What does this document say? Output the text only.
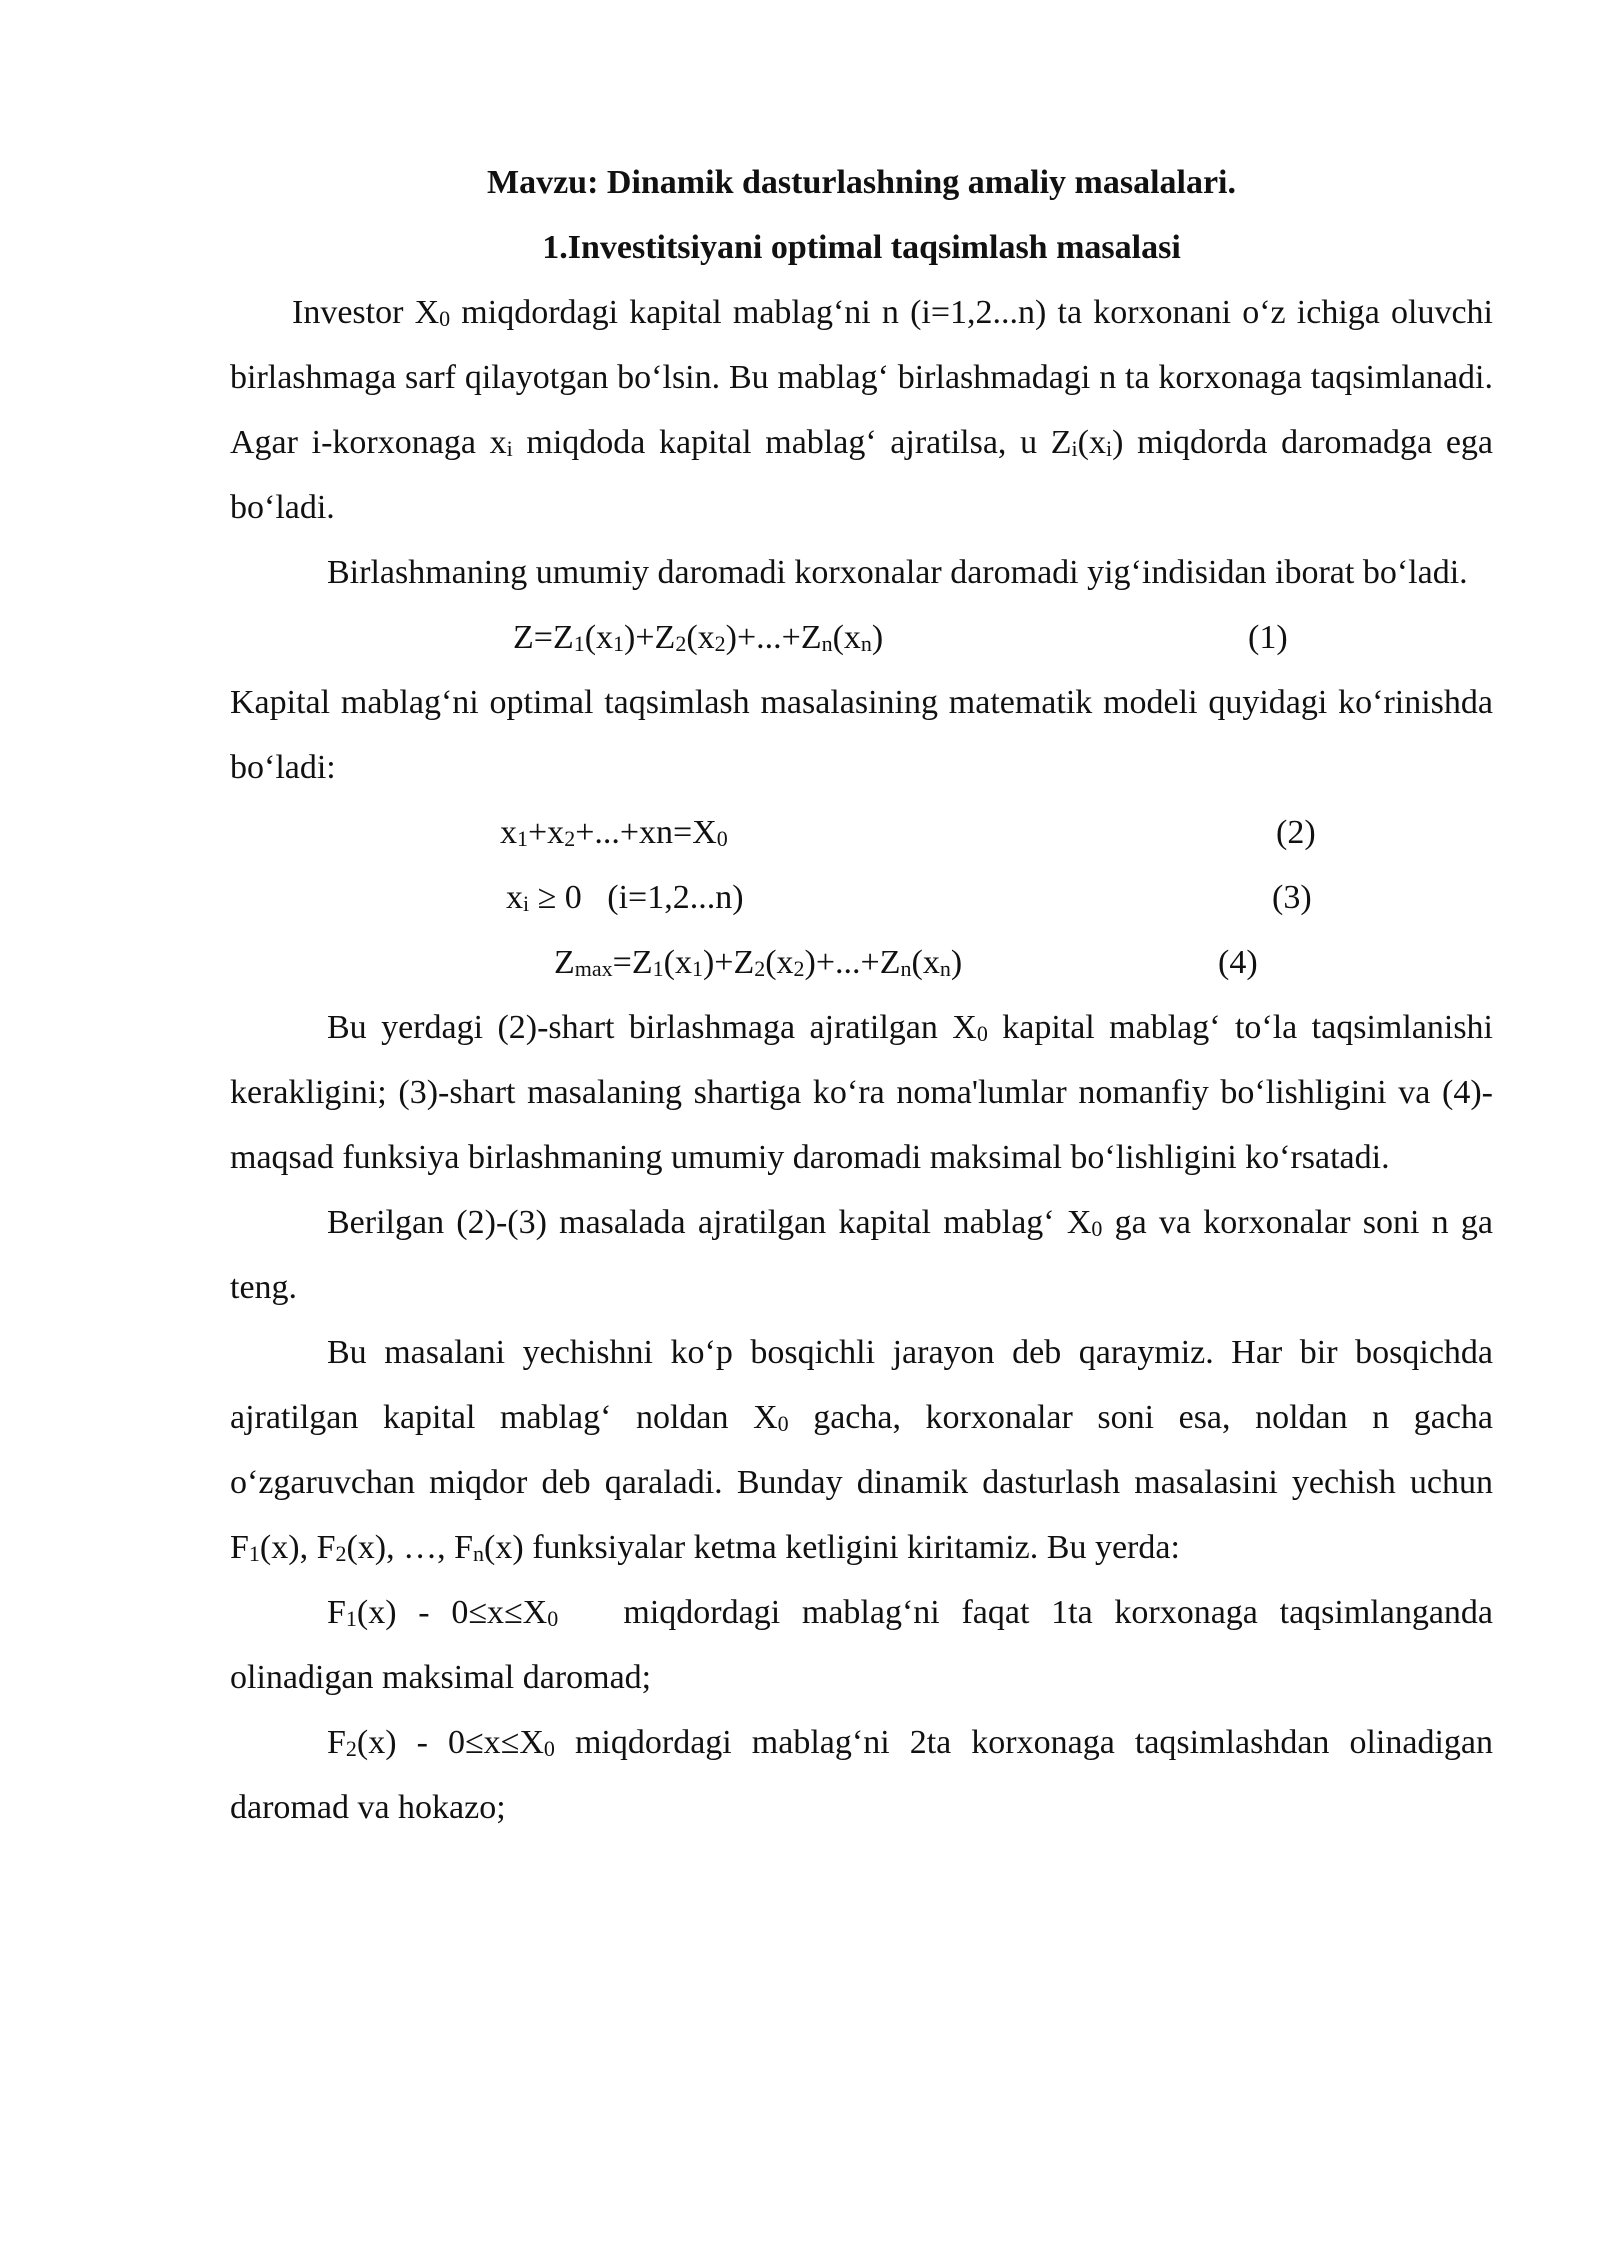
Mavzu: Dinamik dasturlashning amaliy masalalari.
1.Investitsiyani optimal taqsimlash masalasi
Investor $X_0$ miqdordagi kapital mablag‘ni n (i=1,2...n) ta korxonani o‘z ichiga oluvchi birlashmaga sarf qilayotgan bo‘lsin. Bu mablag‘ birlashmadagi n ta korxonaga taqsimlanadi. Agar i-korxonaga $x_i$ miqdoda kapital mablag‘ ajratilsa, u $Z_i(x_i)$ miqdorda daromadga ega bo‘ladi.
Birlashmaning umumiy daromadi korxonalar daromadi yig‘indisidan iborat bo‘ladi.
$Z=Z_1(x_1)+Z_2(x_2)+...+Z_n(x_n)$	(1)
Kapital mablag‘ni optimal taqsimlash masalasining matematik modeli quyidagi ko‘rinishda bo‘ladi:
$x_1+x_2+...+xn=X_0$	(2)
$x_i \ge 0$   (i=1,2...n)	(3)
$Z_{max}=Z_1(x_1)+Z_2(x_2)+...+Z_n(x_n)$	(4)
Bu yerdagi (2)-shart birlashmaga ajratilgan $X_0$ kapital mablag‘ to‘la taqsimlanishi kerakligini; (3)-shart masalaning shartiga ko‘ra noma'lumlar nomanfiy bo‘lishligini va (4)-maqsad funksiya birlashmaning umumiy daromadi maksimal bo‘lishligini ko‘rsatadi.
Berilgan (2)-(3) masalada ajratilgan kapital mablag‘ $X_0$ ga va korxonalar soni n ga teng.
Bu masalani yechishni ko‘p bosqichli jarayon deb qaraymiz. Har bir bosqichda ajratilgan kapital mablag‘ noldan $X_0$ gacha, korxonalar soni esa, noldan n gacha o‘zgaruvchan miqdor deb qaraladi. Bunday dinamik dasturlash masalasini yechish uchun $F_1(x)$, $F_2(x)$, …, $F_n(x)$ funksiyalar ketma ketligini kiritamiz. Bu yerda:
$F_1(x) - 0\le x\le X_0$   miqdordagi mablag‘ni faqat 1ta korxonaga taqsimlanganda olinadigan maksimal daromad;
$F_2(x) - 0\le x\le X_0$ miqdordagi mablag‘ni 2ta korxonaga taqsimlashdan olinadigan daromad va hokazo;
